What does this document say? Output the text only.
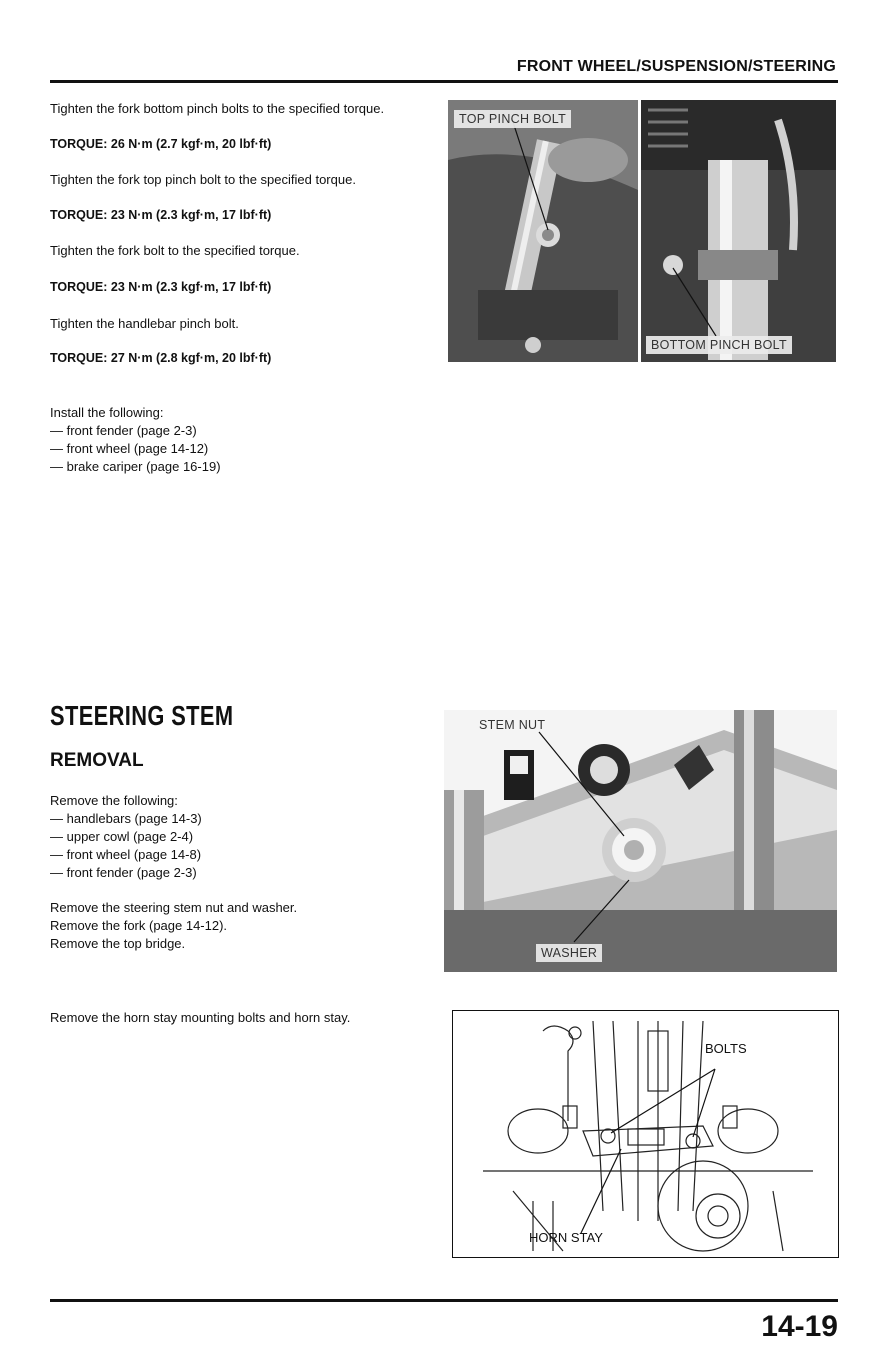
FRONT WHEEL/SUSPENSION/STEERING
Tighten the fork bottom pinch bolts to the specified torque.
TORQUE: 26 N·m (2.7 kgf·m, 20 lbf·ft)
Tighten the fork top pinch bolt to the specified torque.
TORQUE: 23 N·m (2.3 kgf·m, 17 lbf·ft)
Tighten the fork bolt to the specified torque.
TORQUE: 23 N·m (2.3 kgf·m, 17 lbf·ft)
Tighten the handlebar pinch bolt.
TORQUE: 27 N·m (2.8 kgf·m, 20 lbf·ft)
Install the following:
— front fender (page 2-3)
— front wheel (page 14-12)
— brake cariper (page 16-19)
TOP PINCH BOLT
BOTTOM PINCH BOLT
STEERING STEM
REMOVAL
Remove the following:
— handlebars (page 14-3)
— upper cowl (page 2-4)
— front wheel (page 14-8)
— front fender (page 2-3)
Remove the steering stem nut and washer.
Remove the fork (page 14-12).
Remove the top bridge.
Remove the horn stay mounting bolts and horn stay.
STEM NUT
WASHER
BOLTS
HORN STAY
14-19
